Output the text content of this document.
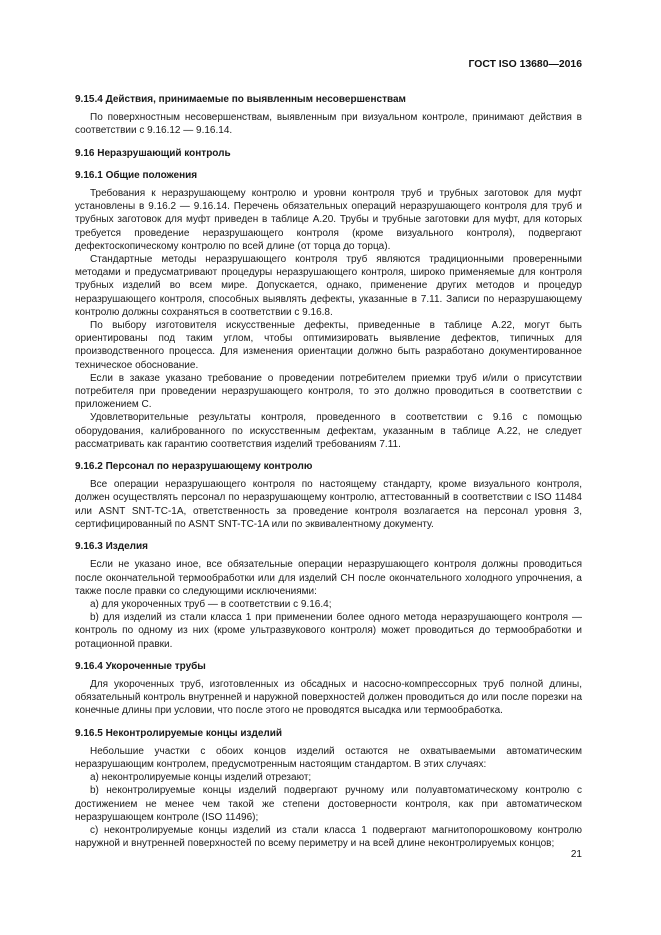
ГОСТ ISO 13680—2016
9.15.4 Действия, принимаемые по выявленным несовершенствам

По поверхностным несовершенствам, выявленным при визуальном контроле, принимают действия в соответствии с 9.16.12 — 9.16.14.

9.16 Неразрушающий контроль
9.16.1 Общие положения

Требования к неразрушающему контролю и уровни контроля труб и трубных заготовок для муфт установлены в 9.16.2 — 9.16.14. Перечень обязательных операций неразрушающего контроля для труб и трубных заготовок для муфт приведен в таблице А.20. Трубы и трубные заготовки для муфт, для которых требуется проведение неразрушающего контроля (кроме визуального контроля), подвергают дефектоскопическому контролю по всей длине (от торца до торца).

Стандартные методы неразрушающего контроля труб являются традиционными проверенными методами и предусматривают процедуры неразрушающего контроля, широко применяемые для контроля трубных изделий во всем мире. Допускается, однако, применение других методов и процедур неразрушающего контроля, способных выявлять дефекты, указанные в 7.11. Записи по неразрушающему контролю должны сохраняться в соответствии с 9.16.8.

По выбору изготовителя искусственные дефекты, приведенные в таблице А.22, могут быть ориентированы под таким углом, чтобы оптимизировать выявление дефектов, типичных для производственного процесса. Для изменения ориентации должно быть разработано документированное техническое обоснование.

Если в заказе указано требование о проведении потребителем приемки труб и/или о присутствии потребителя при проведении неразрушающего контроля, то это должно проводиться в соответствии с приложением С.

Удовлетворительные результаты контроля, проведенного в соответствии с 9.16 с помощью оборудования, калиброванного по искусственным дефектам, указанным в таблице А.22, не следует рассматривать как гарантию соответствия изделий требованиям 7.11.

9.16.2 Персонал по неразрушающему контролю

Все операции неразрушающего контроля по настоящему стандарту, кроме визуального контроля, должен осуществлять персонал по неразрушающему контролю, аттестованный в соответствии с ISO 11484 или ASNT SNT-TC-1A, ответственность за проведение контроля возлагается на персонал уровня 3, сертифицированный по ASNT SNT-TC-1A или по эквивалентному документу.

9.16.3 Изделия

Если не указано иное, все обязательные операции неразрушающего контроля должны проводиться после окончательной термообработки или для изделий СН после окончательного холодного упрочнения, а также после правки со следующими исключениями:

а) для укороченных труб — в соответствии с 9.16.4;

b) для изделий из стали класса 1 при применении более одного метода неразрушающего контроля — контроль по одному из них (кроме ультразвукового контроля) может проводиться до термообработки и ротационной правки.

9.16.4 Укороченные трубы

Для укороченных труб, изготовленных из обсадных и насосно-компрессорных труб полной длины, обязательный контроль внутренней и наружной поверхностей должен проводиться до или после порезки на конечные длины при условии, что после этого не проводятся высадка или термообработка.

9.16.5 Неконтролируемые концы изделий

Небольшие участки с обоих концов изделий остаются не охватываемыми автоматическим неразрушающим контролем, предусмотренным настоящим стандартом. В этих случаях:

а) неконтролируемые концы изделий отрезают;

b) неконтролируемые концы изделий подвергают ручному или полуавтоматическому контролю с достижением не менее чем такой же степени достоверности контроля, как при автоматическом неразрушающем контроле (ISO 11496);

с) неконтролируемые концы изделий из стали класса 1 подвергают магнитопорошковому контролю наружной и внутренней поверхностей по всему периметру и на всей длине неконтролируемых концов;

21
